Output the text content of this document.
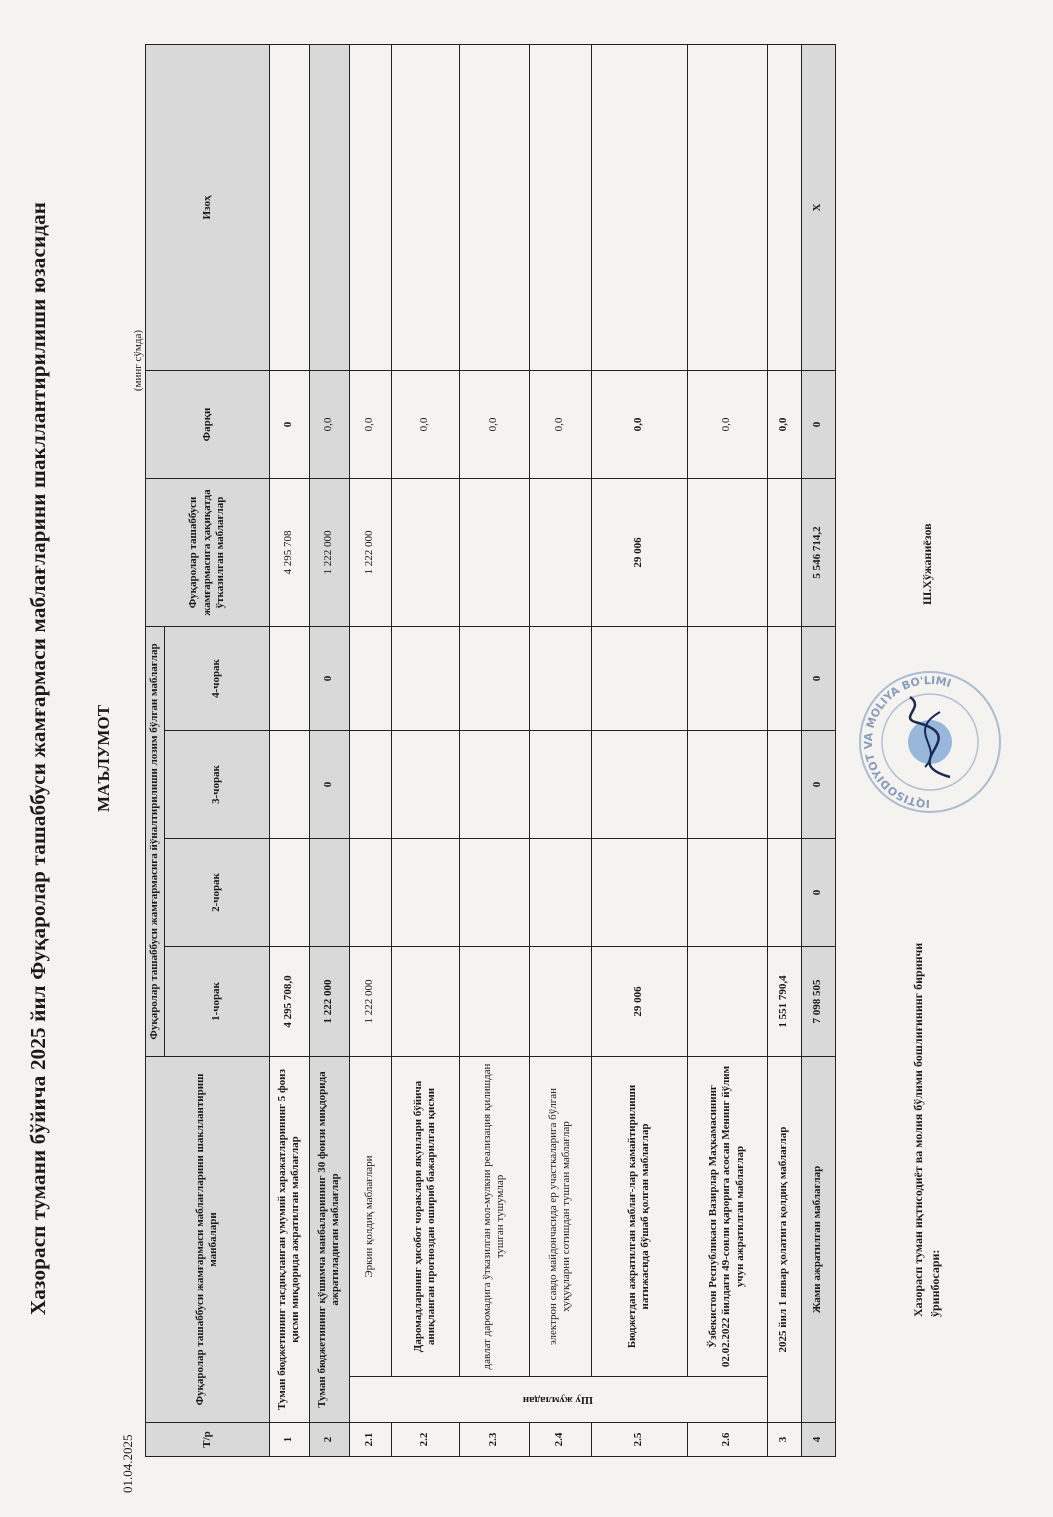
Хазорасп тумани бўйича 2025 йил Фуқаролар ташаббуси жамғармаси маблағларини шакллантирилиши юзасидан	МАЪЛУМОТ
01.04.2025
(минг сўмда)
Т/р	Фуқаролар ташаббуси жамғармаси маблағларини шакллантириш манбалари		Фуқаролар ташаббуси жамғармасига йўналтирилиши лозим бўлган маблағлар				Фуқаролар ташаббуси жамғармасига ҳақиқатда ўтказилган маблағлар	Фарқи	Изоҳ
			1-чорак	2-чорак	3-чорак	4-чорак			
1	Туман бюджетининг тасдиқланган умумий харажатларининг 5 фоиз қисми миқдорида ажратилган маблағлар		4 295 708,0				4 295 708	0	
2	Туман бюджетининг қўшимча манбаларининг 30 фоизи миқдорида ажратиладиган маблағлар		1 222 000		0	0	1 222 000	0,0	
2.1	Шу жумладан	Эркин қолдиқ маблағлари	1 222 000				1 222 000	0,0	
2.2		Даромадларнинг ҳисобот чораклари якунлари бўйича аниқланган прогноздан ошириб бажарилган қисми						0,0	
2.3		давлат даромадига ўтказилган мол-мулкни реализация қилишдан тушган тушумлар						0,0	
2.4		электрон савдо майдончасида ер участкаларига бўлган ҳуқуқларни сотишдан тушган маблағлар						0,0	
2.5		Бюджетдан ажратилган маблағ-лар камайтирилиши натижасида бўшаб қолган маблағлар	29 006				29 006	0,0	
2.6		Ўзбекистон Республикаси Вазирлар Маҳкамасининг 02.02.2022 йилдаги 49-сонли қарорига асосан Менинг йўлим учун ажратилган маблағлар						0,0	
3	2025 йил 1 январ ҳолатига қолдиқ маблағлар		1 551 790,4					0,0	
4	Жами ажратилган маблағлар		7 098 505	0	0	0	5 546 714,2	0	Х
Хазорасп туман иқтисодиёт ва молия бўлими бошлиғининг биринчи ўринбосари:
IQTISODIYOT VA MOLIYA BO'LIMI
Ш.Хўжаниёзов
